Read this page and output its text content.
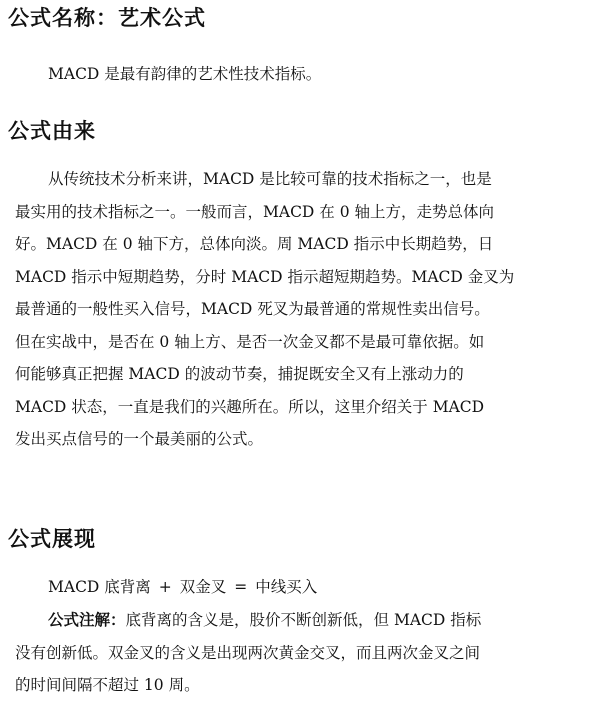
公式名称：艺术公式

MACD 是最有韵律的艺术性技术指标。

公式由来
从传统技术分析来讲，MACD 是比较可靠的技术指标之一，也是
最实用的技术指标之一。一般而言，MACD 在 0 轴上方，走势总体向
好。MACD 在 0 轴下方，总体向淡。周 MACD 指示中长期趋势，日
MACD 指示中短期趋势，分时 MACD 指示超短期趋势。MACD 金叉为
最普通的一般性买入信号，MACD 死叉为最普通的常规性卖出信号。
但在实战中，是否在 0 轴上方、是否一次金叉都不是最可靠依据。如
何能够真正把握 MACD 的波动节奏，捕捉既安全又有上涨动力的
MACD 状态，一直是我们的兴趣所在。所以，这里介绍关于 MACD
发出买点信号的一个最美丽的公式。
公式展现

MACD 底背离 + 双金叉 = 中线买入

公式注解：底背离的含义是，股价不断创新低，但 MACD 指标
没有创新低。双金叉的含义是出现两次黄金交叉，而且两次金叉之间
的时间间隔不超过 10 周。
